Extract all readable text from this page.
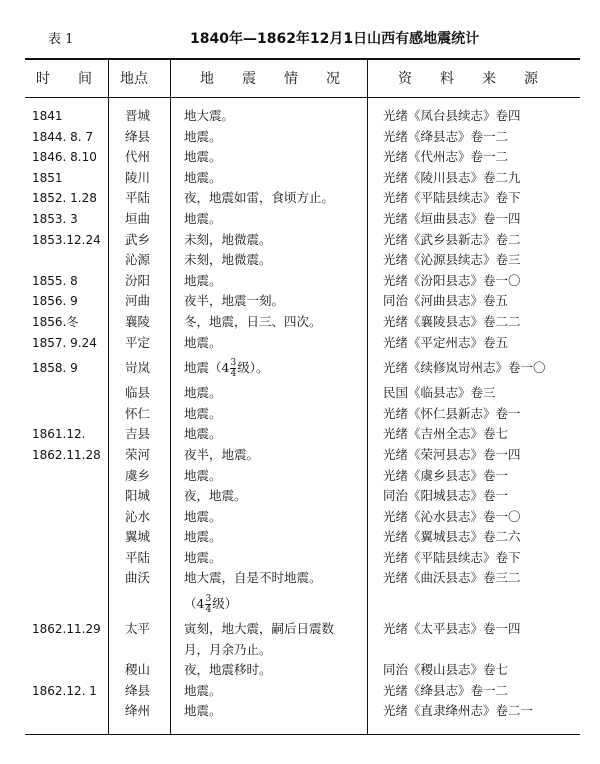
表 1	1840年—1862年12月1日山西有感地震统计
时　　间 地点	地　　震　　情　　况	资　　料　　来　　源
1841	晋城	地大震。	光绪《凤台县续志》卷四
1844. 8. 7	绛县	地震。	光绪《绛县志》卷一二
1846. 8.10 代州	地震。	光绪《代州志》卷一二
1851	陵川	地震。	光绪《陵川县志》卷二九
1852. 1.28 平陆	夜，地震如雷，食顷方止。	光绪《平陆县续志》卷下
1853. 3	垣曲	地震。	光绪《垣曲县志》卷一四
1853.12.24 武乡	未刻，地微震。	光绪《武乡县新志》卷二
沁源	未刻，地微震。	光绪《沁源县续志》卷三
1855. 8	汾阳	地震。	光绪《汾阳县志》卷一〇
1856. 9	河曲	夜半，地震一刻。	同治《河曲县志》卷五
1856.冬	襄陵	冬，地震，日三、四次。	光绪《襄陵县志》卷二二
1857. 9.24 平定	地震。	光绪《平定州志》卷五
1858. 9	岢岚	地震（$4 \frac{3}{4}$ 级）。	光绪《续修岚岢州志》卷一〇
临县	地震。	民国《临县志》卷三
怀仁	地震。	光绪《怀仁县新志》卷一
1861.12.	吉县	地震。	光绪《吉州全志》卷七
1862.11.28 荣河	夜半，地震。	光绪《荣河县志》卷一四
虞乡	地震。	光绪《虞乡县志》卷一
阳城	夜，地震。	同治《阳城县志》卷一
沁水	地震。	光绪《沁水县志》卷一〇
翼城	地震。	光绪《翼城县志》卷二六
平陆	地震。	光绪《平陆县续志》卷下
曲沃	地大震，自是不时地震。	光绪《曲沃县志》卷三二
（$4 \frac{3}{4}$ 级）
1862.11.29 太平	寅刻，地大震，嗣后日震数	光绪《太平县志》卷一四
月，月余乃止。
稷山	夜，地震移时。	同治《稷山县志》卷七
1862.12. 1 绛县	地震。	光绪《绛县志》卷一二
绛州	地震。	光绪《直隶绛州志》卷二一
